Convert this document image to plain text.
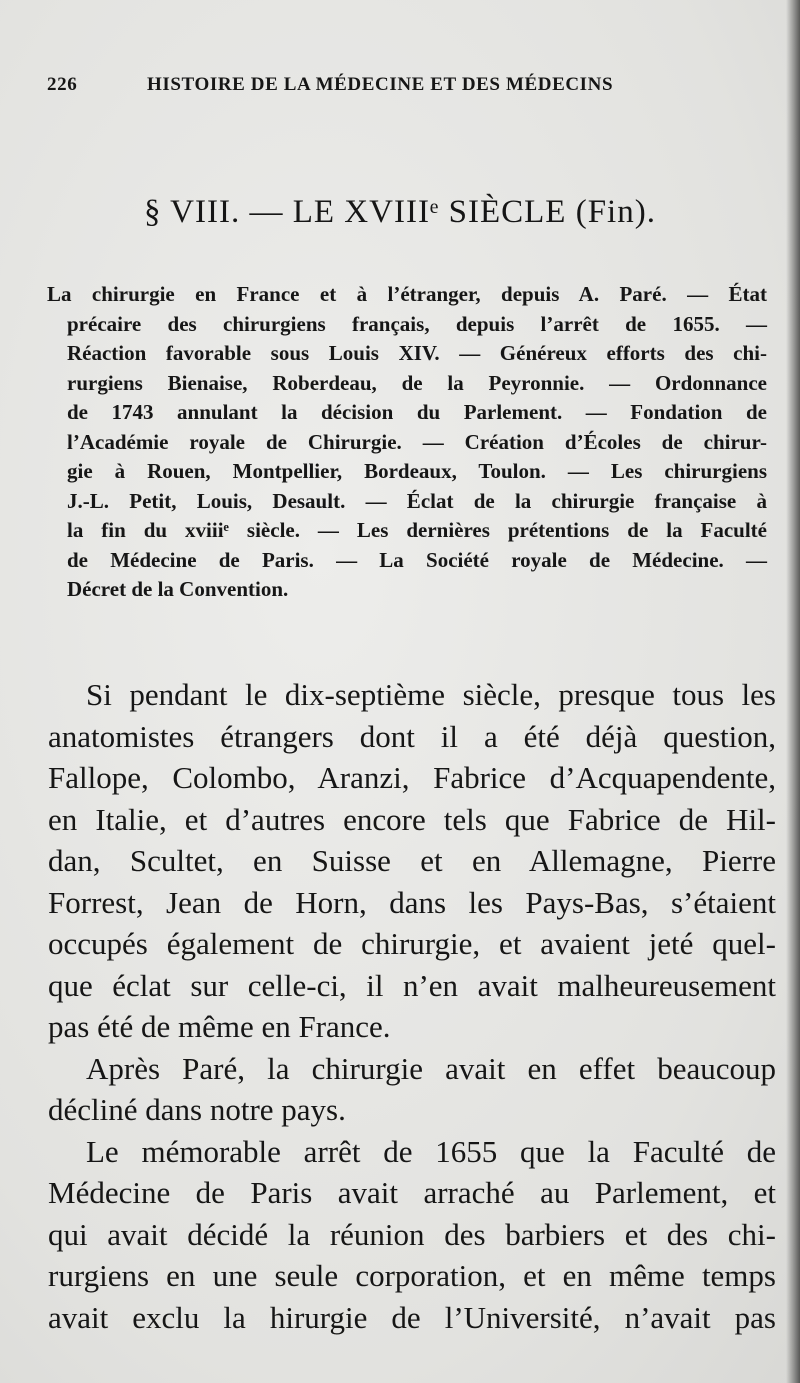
226	HISTOIRE DE LA MÉDECINE ET DES MÉDECINS
§ VIII. — LE XVIIIᵉ SIÈCLE (Fin).
La chirurgie en France et à l’étranger, depuis A. Paré. — État
précaire des chirurgiens français, depuis l’arrêt de 1655. —
Réaction favorable sous Louis XIV. — Généreux efforts des chi-
rurgiens Bienaise, Roberdeau, de la Peyronnie. — Ordonnance
de 1743 annulant la décision du Parlement. — Fondation de
l’Académie royale de Chirurgie. — Création d’Écoles de chirur-
gie à Rouen, Montpellier, Bordeaux, Toulon. — Les chirurgiens
J.-L. Petit, Louis, Desault. — Éclat de la chirurgie française à
la fin du xviiiᵉ siècle. — Les dernières prétentions de la Faculté
de Médecine de Paris. — La Société royale de Médecine. —
Décret de la Convention.
Si pendant le dix-septième siècle, presque tous les
anatomistes étrangers dont il a été déjà question,
Fallope, Colombo, Aranzi, Fabrice d’Acquapendente,
en Italie, et d’autres encore tels que Fabrice de Hil-
dan, Scultet, en Suisse et en Allemagne, Pierre
Forrest, Jean de Horn, dans les Pays-Bas, s’étaient
occupés également de chirurgie, et avaient jeté quel-
que éclat sur celle-ci, il n’en avait malheureusement
pas été de même en France.
Après Paré, la chirurgie avait en effet beaucoup
décliné dans notre pays.
Le mémorable arrêt de 1655 que la Faculté de
Médecine de Paris avait arraché au Parlement, et
qui avait décidé la réunion des barbiers et des chi-
rurgiens en une seule corporation, et en même temps
avait exclu la hirurgie de l’Université, n’avait pas
